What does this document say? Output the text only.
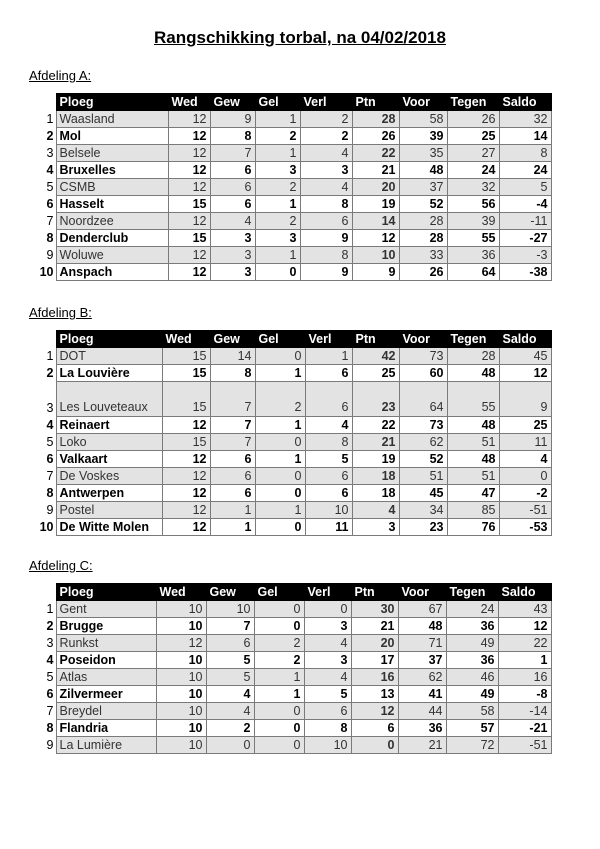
Rangschikking torbal, na 04/02/2018
Afdeling A:
	Ploeg	Wed	Gew	Gel	Verl	Ptn	Voor	Tegen	Saldo
1	Waasland	12	9	1	2	28	58	26	32
2	Mol	12	8	2	2	26	39	25	14
3	Belsele	12	7	1	4	22	35	27	8
4	Bruxelles	12	6	3	3	21	48	24	24
5	CSMB	12	6	2	4	20	37	32	5
6	Hasselt	15	6	1	8	19	52	56	-4
7	Noordzee	12	4	2	6	14	28	39	-11
8	Denderclub	15	3	3	9	12	28	55	-27
9	Woluwe	12	3	1	8	10	33	36	-3
10	Anspach	12	3	0	9	9	26	64	-38
Afdeling B:
	Ploeg	Wed	Gew	Gel	Verl	Ptn	Voor	Tegen	Saldo
1	DOT	15	14	0	1	42	73	28	45
2	La Louvière	15	8	1	6	25	60	48	12
3	Les Louveteaux	15	7	2	6	23	64	55	9
4	Reinaert	12	7	1	4	22	73	48	25
5	Loko	15	7	0	8	21	62	51	11
6	Valkaart	12	6	1	5	19	52	48	4
7	De Voskes	12	6	0	6	18	51	51	0
8	Antwerpen	12	6	0	6	18	45	47	-2
9	Postel	12	1	1	10	4	34	85	-51
10	De Witte Molen	12	1	0	11	3	23	76	-53
Afdeling C:
	Ploeg	Wed	Gew	Gel	Verl	Ptn	Voor	Tegen	Saldo
1	Gent	10	10	0	0	30	67	24	43
2	Brugge	10	7	0	3	21	48	36	12
3	Runkst	12	6	2	4	20	71	49	22
4	Poseidon	10	5	2	3	17	37	36	1
5	Atlas	10	5	1	4	16	62	46	16
6	Zilvermeer	10	4	1	5	13	41	49	-8
7	Breydel	10	4	0	6	12	44	58	-14
8	Flandria	10	2	0	8	6	36	57	-21
9	La Lumière	10	0	0	10	0	21	72	-51
